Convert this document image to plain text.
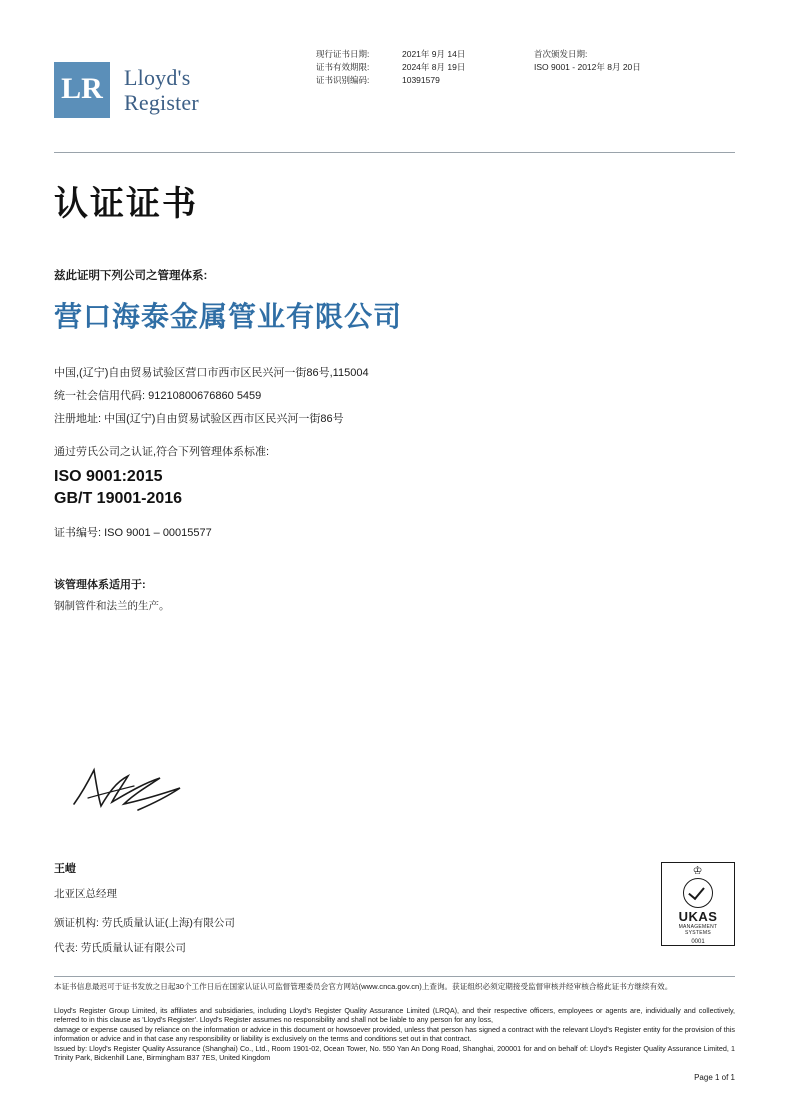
LR Lloyd's
Register
现行证书日期:
证书有效期限:
证书识别编码:
2021年 9月 14日
2024年 8月 19日
10391579
首次颁发日期:
ISO 9001 - 2012年 8月 20日
认证证书
兹此证明下列公司之管理体系:
营口海泰金属管业有限公司
中国,(辽宁)自由贸易试验区营口市西市区民兴河一街86号,115004
统一社会信用代码: 91210800676860 5459
注册地址: 中国(辽宁)自由贸易试验区西市区民兴河一街86号
通过劳氏公司之认证,符合下列管理体系标准:
ISO 9001:2015
GB/T 19001-2016
证书编号: ISO 9001 – 00015577
该管理体系适用于:
钢制管件和法兰的生产。
王嵦
北亚区总经理
颁证机构: 劳氏质量认证(上海)有限公司
代表: 劳氏质量认证有限公司
♔
UKAS
MANAGEMENT
SYSTEMS
0001
本证书信息最迟可于证书发放之日起30个工作日后在国家认证认可监督管理委员会官方网站(www.cnca.gov.cn)上查询。获证组织必须定期接受监督审核并经审核合格此证书方继续有效。
Lloyd's Register Group Limited, its affiliates and subsidiaries, including Lloyd's Register Quality Assurance Limited (LRQA), and their respective officers, employees or agents are, individually and collectively, referred to in this clause as 'Lloyd's Register'. Lloyd's Register assumes no responsibility and shall not be liable to any person for any loss,
damage or expense caused by reliance on the information or advice in this document or howsoever provided, unless that person has signed a contract with the relevant Lloyd's Register entity for the provision of this information or advice and in that case any responsibility or liability is exclusively on the terms and conditions set out in that contract.
Issued by: Lloyd's Register Quality Assurance (Shanghai) Co., Ltd., Room 1901-02, Ocean Tower, No. 550 Yan An Dong Road, Shanghai, 200001 for and on behalf of: Lloyd's Register Quality Assurance Limited, 1 Trinity Park, Bickenhill Lane, Birmingham B37 7ES, United Kingdom
Page 1 of 1
